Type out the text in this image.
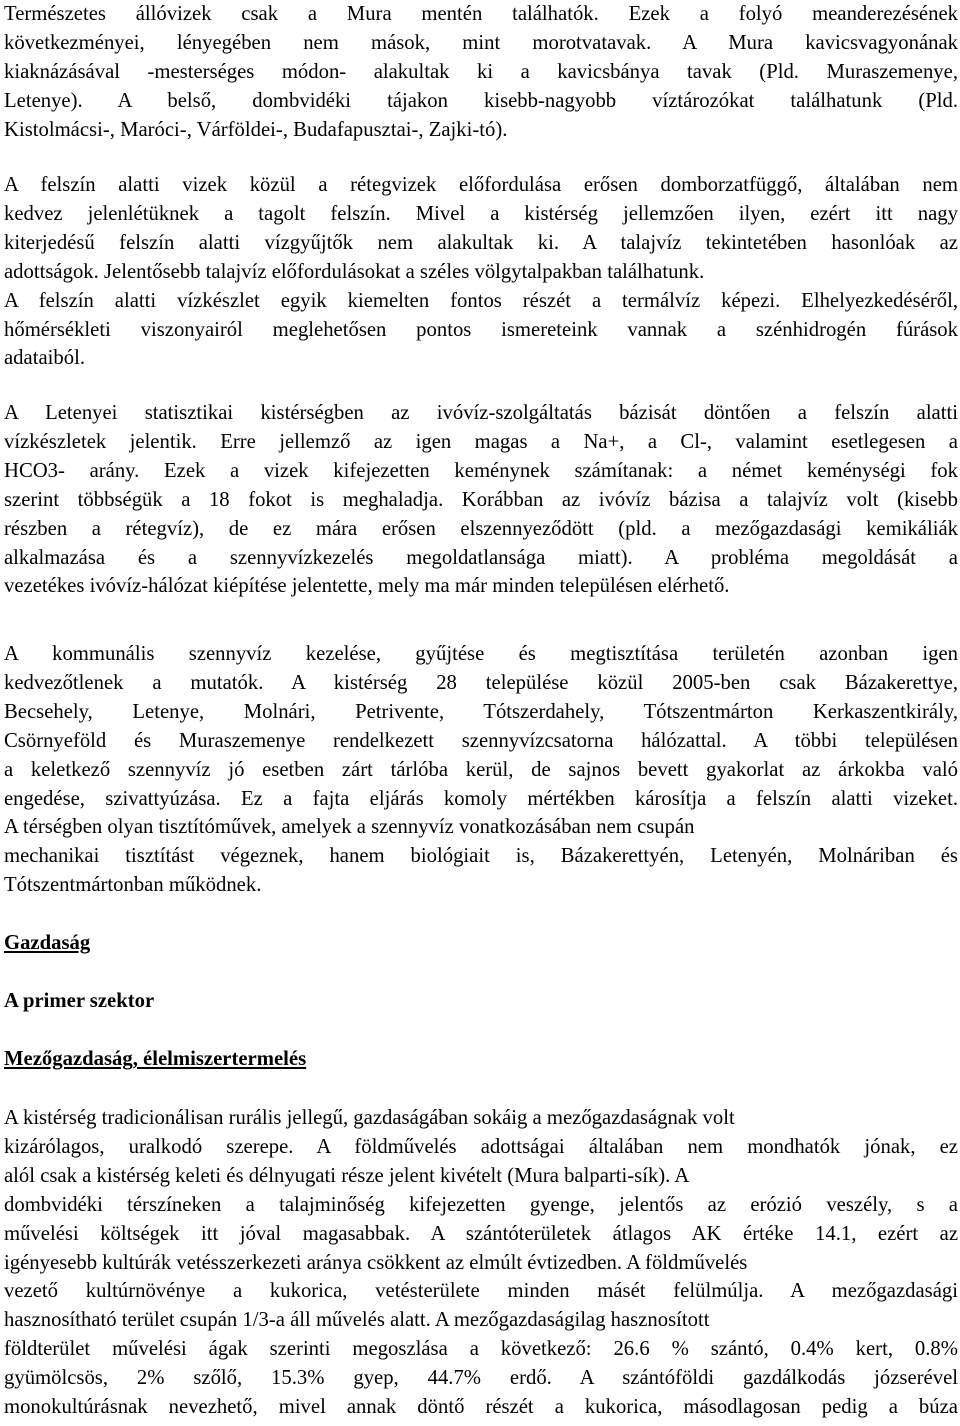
Természetes állóvizek csak a Mura mentén találhatók. Ezek a folyó meanderezésének
következményei, lényegében nem mások, mint morotvatavak. A Mura kavicsvagyonának
kiaknázásával -mesterséges módon- alakultak ki a kavicsbánya tavak (Pld. Muraszemenye,
Letenye). A belső, dombvidéki tájakon kisebb-nagyobb víztározókat találhatunk (Pld.
Kistolmácsi-, Maróci-, Várföldei-, Budafapusztai-, Zajki-tó).
A felszín alatti vizek közül a rétegvizek előfordulása erősen domborzatfüggő, általában nem
kedvez jelenlétüknek a tagolt felszín. Mivel a kistérség jellemzően ilyen, ezért itt nagy
kiterjedésű felszín alatti vízgyűjtők nem alakultak ki. A talajvíz tekintetében hasonlóak az
adottságok. Jelentősebb talajvíz előfordulásokat a széles völgytalpakban találhatunk.
A felszín alatti vízkészlet egyik kiemelten fontos részét a termálvíz képezi. Elhelyezkedéséről,
hőmérsékleti viszonyairól meglehetősen pontos ismereteink vannak a szénhidrogén fúrások
adataiból.
A Letenyei statisztikai kistérségben az ivóvíz-szolgáltatás bázisát döntően a felszín alatti
vízkészletek jelentik. Erre jellemző az igen magas a Na+, a Cl-, valamint esetlegesen a
HCO3- arány. Ezek a vizek kifejezetten keménynek számítanak: a német keménységi fok
szerint többségük a 18 fokot is meghaladja. Korábban az ivóvíz bázisa a talajvíz volt (kisebb
részben a rétegvíz), de ez mára erősen elszennyeződött (pld. a mezőgazdasági kemikáliák
alkalmazása és a szennyvízkezelés megoldatlansága miatt). A probléma megoldását a
vezetékes ivóvíz-hálózat kiépítése jelentette, mely ma már minden településen elérhető.
A kommunális szennyvíz kezelése, gyűjtése és megtisztítása területén azonban igen
kedvezőtlenek a mutatók. A kistérség 28 települése közül 2005-ben csak Bázakerettye,
Becsehely, Letenye, Molnári, Petrivente, Tótszerdahely, Tótszentmárton Kerkaszentkirály,
Csörnyeföld és Muraszemenye rendelkezett szennyvízcsatorna hálózattal. A többi településen
a keletkező szennyvíz jó esetben zárt tárlóba kerül, de sajnos bevett gyakorlat az árkokba való
engedése, szivattyúzása. Ez a fajta eljárás komoly mértékben károsítja a felszín alatti vizeket.
A térségben olyan tisztítóművek, amelyek a szennyvíz vonatkozásában nem csupán
mechanikai tisztítást végeznek, hanem biológiait is, Bázakerettyén, Letenyén, Molnáriban és
Tótszentmártonban működnek.
Gazdaság
A primer szektor
Mezőgazdaság, élelmiszertermelés
A kistérség tradicionálisan rurális jellegű, gazdaságában sokáig a mezőgazdaságnak volt
kizárólagos, uralkodó szerepe. A földművelés adottságai általában nem mondhatók jónak, ez
alól csak a kistérség keleti és délnyugati része jelent kivételt (Mura balparti-sík). A
dombvidéki térszíneken a talajminőség kifejezetten gyenge, jelentős az erózió veszély, s a
művelési költségek itt jóval magasabbak. A szántóterületek átlagos AK értéke 14.1, ezért az
igényesebb kultúrák vetésszerkezeti aránya csökkent az elmúlt évtizedben. A földművelés
vezető kultúrnövénye a kukorica, vetésterülete minden másét felülmúlja. A mezőgazdasági
hasznosítható terület csupán 1/3-a áll művelés alatt. A mezőgazdaságilag hasznosított
földterület művelési ágak szerinti megoszlása a következő: 26.6 % szántó, 0.4% kert, 0.8%
gyümölcsös, 2% szőlő, 15.3% gyep, 44.7% erdő. A szántóföldi gazdálkodás józserével
monokultúrásnak nevezhető, mivel annak döntő részét a kukorica, másodlagosan pedig a búza
